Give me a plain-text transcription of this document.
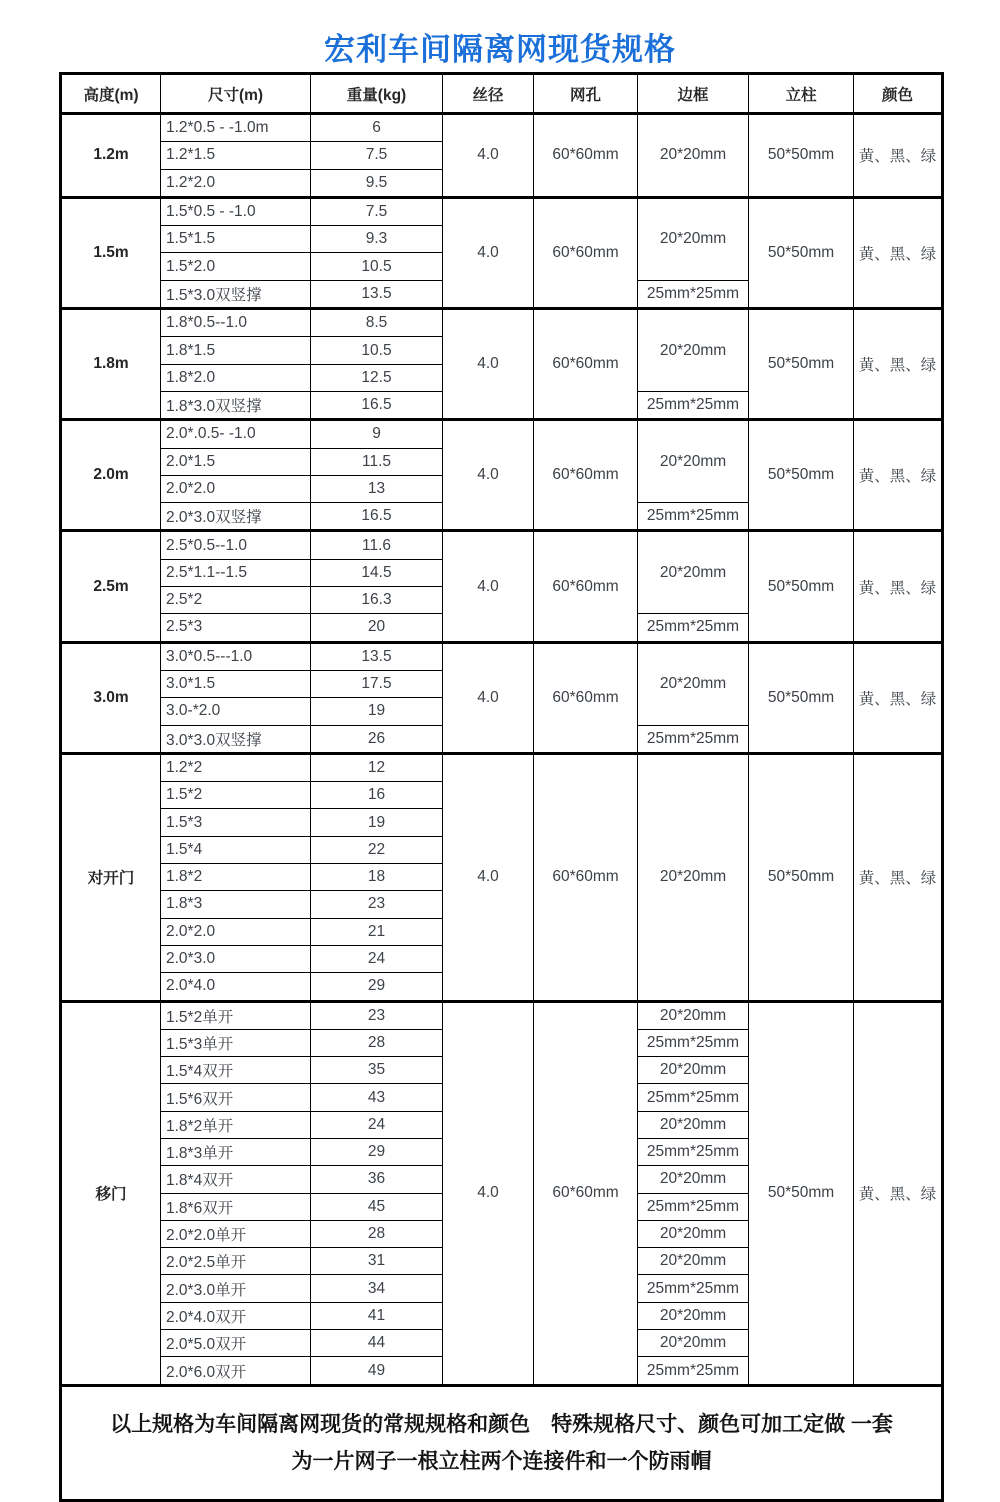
宏利车间隔离网现货规格
高度(m)	尺寸(m)	重量(kg)	丝径	网孔	边框	立柱	颜色
1.2m	1.2*0.5 - -1.0m	6	4.0	60*60mm	20*20mm	50*50mm	黄、黑、绿
	1.2*1.5	7.5					
	1.2*2.0	9.5					
1.5m	1.5*0.5 - -1.0	7.5	4.0	60*60mm	20*20mm	50*50mm	黄、黑、绿
	1.5*1.5	9.3					
	1.5*2.0	10.5					
	1.5*3.0双竖撑	13.5			25mm*25mm		
1.8m	1.8*0.5--1.0	8.5	4.0	60*60mm	20*20mm	50*50mm	黄、黑、绿
	1.8*1.5	10.5					
	1.8*2.0	12.5					
	1.8*3.0双竖撑	16.5			25mm*25mm		
2.0m	2.0*.0.5- -1.0	9	4.0	60*60mm	20*20mm	50*50mm	黄、黑、绿
	2.0*1.5	11.5					
	2.0*2.0	13					
	2.0*3.0双竖撑	16.5			25mm*25mm		
2.5m	2.5*0.5--1.0	11.6	4.0	60*60mm	20*20mm	50*50mm	黄、黑、绿
	2.5*1.1--1.5	14.5					
	2.5*2	16.3					
	2.5*3	20			25mm*25mm		
3.0m	3.0*0.5---1.0	13.5	4.0	60*60mm	20*20mm	50*50mm	黄、黑、绿
	3.0*1.5	17.5					
	3.0-*2.0	19					
	3.0*3.0双竖撑	26			25mm*25mm		
对开门	1.2*2	12	4.0	60*60mm	20*20mm	50*50mm	黄、黑、绿
	1.5*2	16					
	1.5*3	19					
	1.5*4	22					
	1.8*2	18					
	1.8*3	23					
	2.0*2.0	21					
	2.0*3.0	24					
	2.0*4.0	29					
移门	1.5*2单开	23	4.0	60*60mm	20*20mm	50*50mm	黄、黑、绿
	1.5*3单开	28			25mm*25mm		
	1.5*4双开	35			20*20mm		
	1.5*6双开	43			25mm*25mm		
	1.8*2单开	24			20*20mm		
	1.8*3单开	29			25mm*25mm		
	1.8*4双开	36			20*20mm		
	1.8*6双开	45			25mm*25mm		
	2.0*2.0单开	28			20*20mm		
	2.0*2.5单开	31			20*20mm		
	2.0*3.0单开	34			25mm*25mm		
	2.0*4.0双开	41			20*20mm		
	2.0*5.0双开	44			20*20mm		
	2.0*6.0双开	49			25mm*25mm		

以上规格为车间隔离网现货的常规规格和颜色　特殊规格尺寸、颜色可加工定做 一套
为一片网子一根立柱两个连接件和一个防雨帽							
